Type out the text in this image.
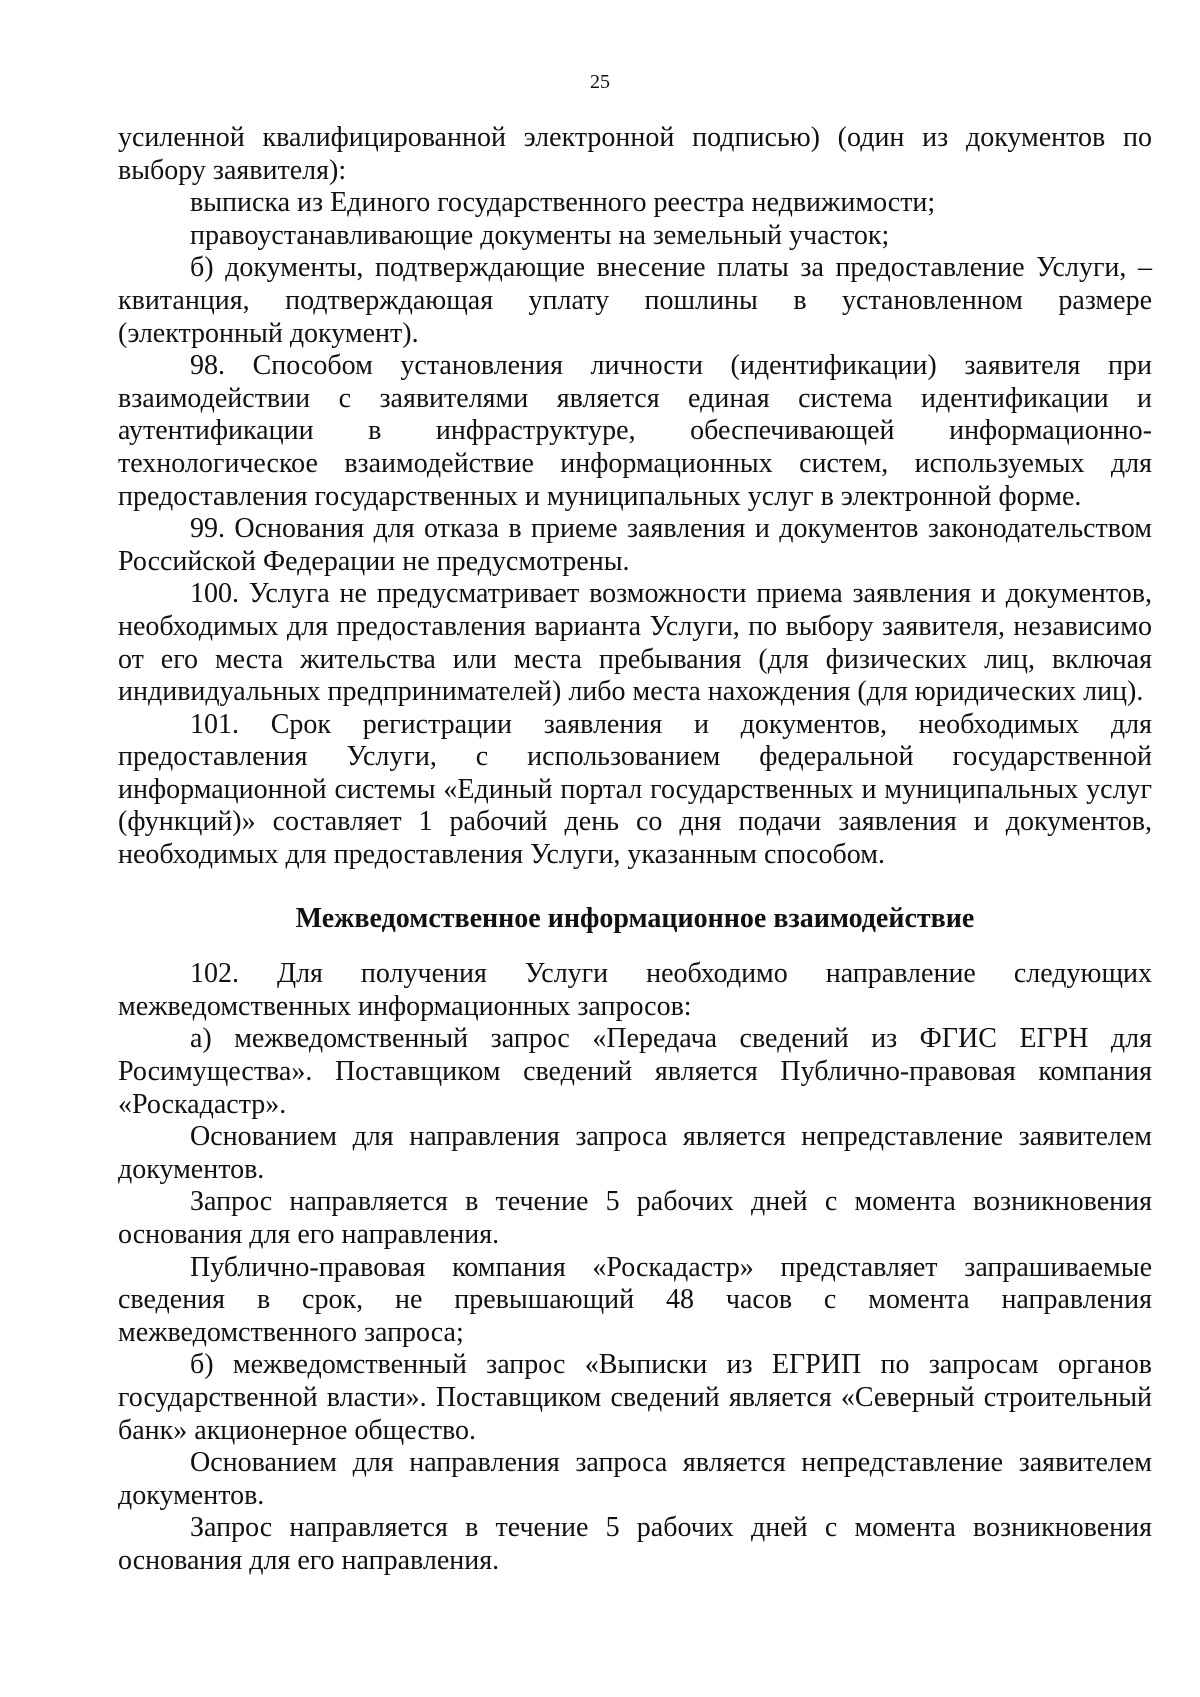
25

усиленной квалифицированной электронной подписью) (один из документов по выбору заявителя):

выписка из Единого государственного реестра недвижимости;

правоустанавливающие документы на земельный участок;

б) документы, подтверждающие внесение платы за предоставление Услуги, – квитанция, подтверждающая уплату пошлины в установленном размере (электронный документ).

98. Способом установления личности (идентификации) заявителя при взаимодействии с заявителями является единая система идентификации и аутентификации в инфраструктуре, обеспечивающей информационно-технологическое взаимодействие информационных систем, используемых для предоставления государственных и муниципальных услуг в электронной форме.

99. Основания для отказа в приеме заявления и документов законодательством Российской Федерации не предусмотрены.

100. Услуга не предусматривает возможности приема заявления и документов, необходимых для предоставления варианта Услуги, по выбору заявителя, независимо от его места жительства или места пребывания (для физических лиц, включая индивидуальных предпринимателей) либо места нахождения (для юридических лиц).

101. Срок регистрации заявления и документов, необходимых для предоставления Услуги, с использованием федеральной государственной информационной системы «Единый портал государственных и муниципальных услуг (функций)» составляет 1 рабочий день со дня подачи заявления и документов, необходимых для предоставления Услуги, указанным способом.

Межведомственное информационное взаимодействие

102. Для получения Услуги необходимо направление следующих межведомственных информационных запросов:

а) межведомственный запрос «Передача сведений из ФГИС ЕГРН для Росимущества». Поставщиком сведений является Публично-правовая компания «Роскадастр».

Основанием для направления запроса является непредставление заявителем документов.

Запрос направляется в течение 5 рабочих дней с момента возникновения основания для его направления.

Публично-правовая компания «Роскадастр» представляет запрашиваемые сведения в срок, не превышающий 48 часов с момента направления межведомственного запроса;

б) межведомственный запрос «Выписки из ЕГРИП по запросам органов государственной власти». Поставщиком сведений является «Северный строительный банк» акционерное общество.

Основанием для направления запроса является непредставление заявителем документов.

Запрос направляется в течение 5 рабочих дней с момента возникновения основания для его направления.
